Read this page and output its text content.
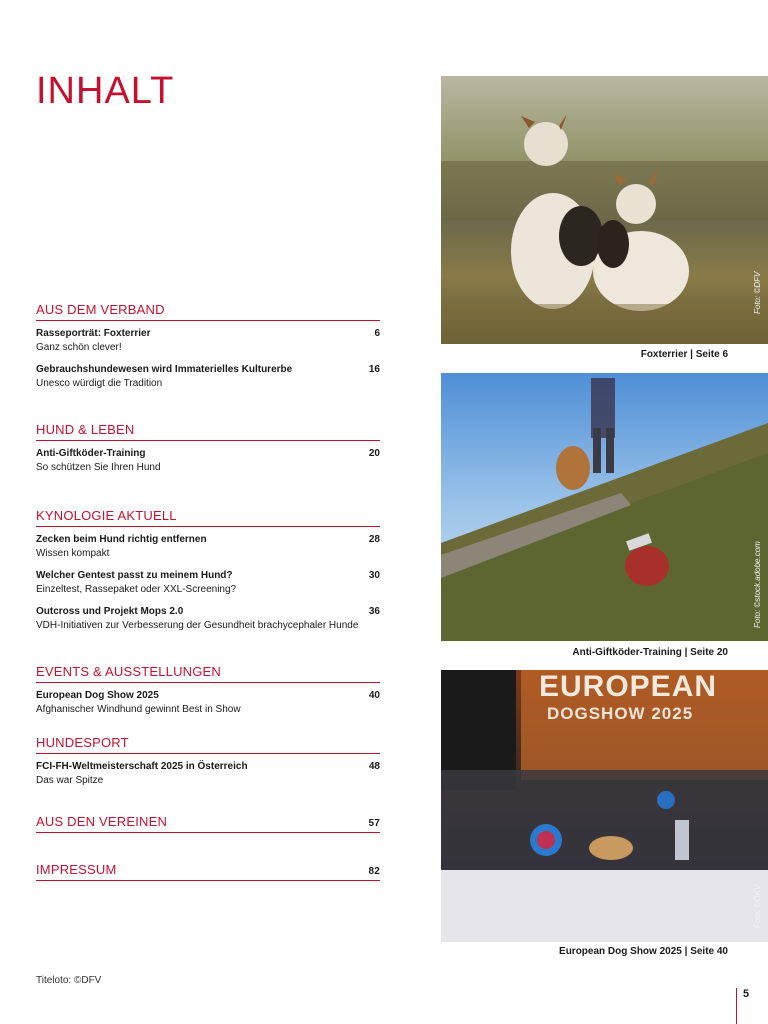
INHALT
AUS DEM VERBAND
Rasseporträt: Foxterrier	6
Ganz schön clever!
Gebrauchshundewesen wird Immaterielles Kulturerbe	16
Unesco würdigt die Tradition
HUND & LEBEN
Anti-Giftköder-Training	20
So schützen Sie Ihren Hund
KYNOLOGIE AKTUELL
Zecken beim Hund richtig entfernen	28
Wissen kompakt
Welcher Gentest passt zu meinem Hund?	30
Einzeltest, Rassepaket oder XXL-Screening?
Outcross und Projekt Mops 2.0	36
VDH-Initiativen zur Verbesserung der Gesundheit brachycephaler Hunde
EVENTS & AUSSTELLUNGEN
European Dog Show 2025	40
Afghanischer Windhund gewinnt Best in Show
HUNDESPORT
FCI-FH-Weltmeisterschaft 2025 in Österreich	48
Das war Spitze
AUS DEN VEREINEN	57
IMPRESSUM	82
Foto: ©DFV
Foxterrier | Seite 6
Foto: ©stock.adobe.com
Anti-Giftköder-Training | Seite 20
EUROPEAN
DOGSHOW 2025
Foto: ©ÖKV
European Dog Show 2025 | Seite 40
Titeloto: ©DFV
5
